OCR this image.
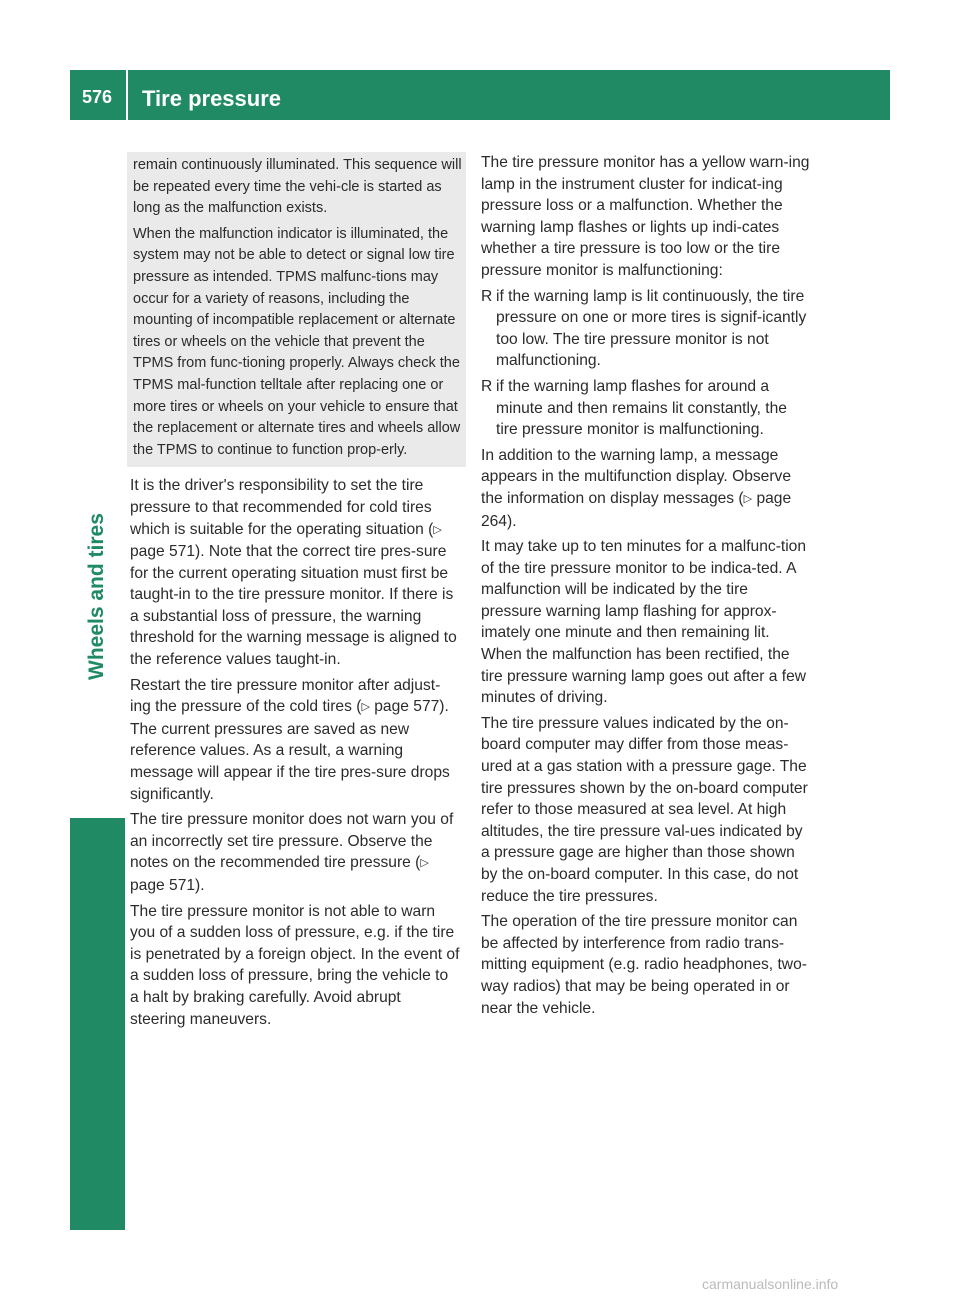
576 Tire pressure
Wheels and tires

remain continuously illuminated. This sequence will be repeated every time the vehi-cle is started as long as the malfunction exists.

When the malfunction indicator is illuminated, the system may not be able to detect or signal low tire pressure as intended. TPMS malfunc-tions may occur for a variety of reasons, including the mounting of incompatible replacement or alternate tires or wheels on the vehicle that prevent the TPMS from func-tioning properly. Always check the TPMS mal-function telltale after replacing one or more tires or wheels on your vehicle to ensure that the replacement or alternate tires and wheels allow the TPMS to continue to function prop-erly.

It is the driver's responsibility to set the tire pressure to that recommended for cold tires which is suitable for the operating situation (▷ page 571). Note that the correct tire pres-sure for the current operating situation must first be taught-in to the tire pressure monitor. If there is a substantial loss of pressure, the warning threshold for the warning message is aligned to the reference values taught-in.

Restart the tire pressure monitor after adjust-ing the pressure of the cold tires (▷ page 577). The current pressures are saved as new reference values. As a result, a warning message will appear if the tire pres-sure drops significantly.

The tire pressure monitor does not warn you of an incorrectly set tire pressure. Observe the notes on the recommended tire pressure (▷ page 571).

The tire pressure monitor is not able to warn you of a sudden loss of pressure, e.g. if the tire is penetrated by a foreign object. In the event of a sudden loss of pressure, bring the vehicle to a halt by braking carefully. Avoid abrupt steering maneuvers.

The tire pressure monitor has a yellow warn-ing lamp in the instrument cluster for indicat-ing pressure loss or a malfunction. Whether the warning lamp flashes or lights up indi-cates whether a tire pressure is too low or the tire pressure monitor is malfunctioning:

R if the warning lamp is lit continuously, the tire pressure on one or more tires is signif-icantly too low. The tire pressure monitor is not malfunctioning.
R if the warning lamp flashes for around a minute and then remains lit constantly, the tire pressure monitor is malfunctioning.

In addition to the warning lamp, a message appears in the multifunction display. Observe the information on display messages (▷ page 264).

It may take up to ten minutes for a malfunc-tion of the tire pressure monitor to be indica-ted. A malfunction will be indicated by the tire pressure warning lamp flashing for approx-imately one minute and then remaining lit. When the malfunction has been rectified, the tire pressure warning lamp goes out after a few minutes of driving.

The tire pressure values indicated by the on-board computer may differ from those meas-ured at a gas station with a pressure gage. The tire pressures shown by the on-board computer refer to those measured at sea level. At high altitudes, the tire pressure val-ues indicated by a pressure gage are higher than those shown by the on-board computer. In this case, do not reduce the tire pressures.

The operation of the tire pressure monitor can be affected by interference from radio trans-mitting equipment (e.g. radio headphones, two-way radios) that may be being operated in or near the vehicle.

carmanualsonline.info
